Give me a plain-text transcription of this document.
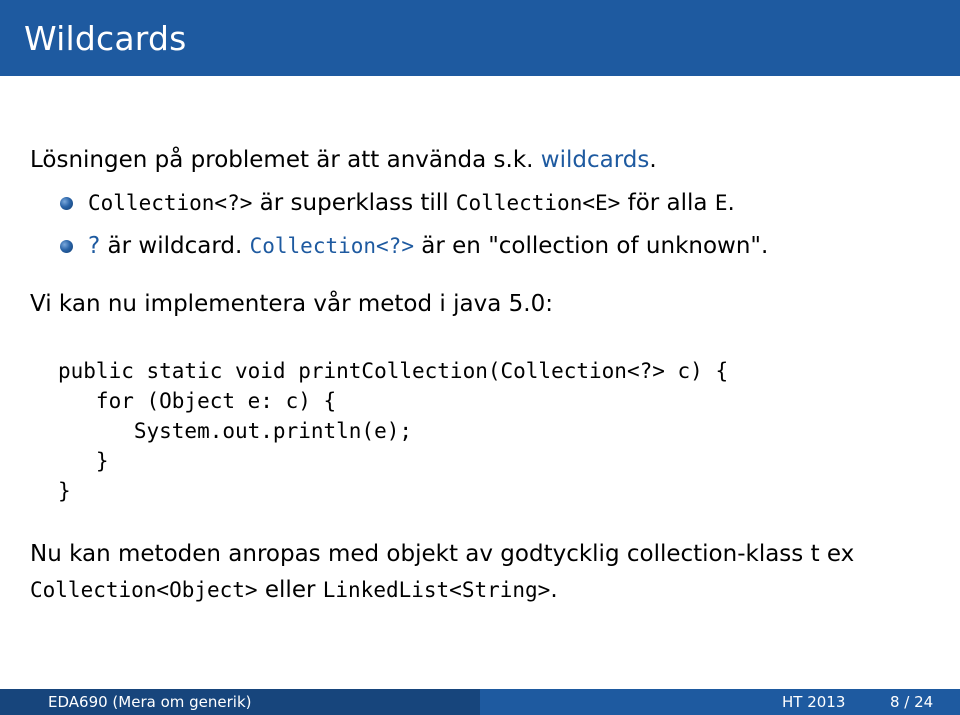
Wildcards
Lösningen på problemet är att använda s.k. wildcards.
Collection<?> är superklass till Collection<E> för alla E.
? är wildcard. Collection<?> är en "collection of unknown".
Vi kan nu implementera vår metod i java 5.0:
public static void printCollection(Collection<?> c) {
for (Object e: c) {
System.out.println(e);
}
}
Nu kan metoden anropas med objekt av godtycklig collection-klass t ex
Collection<Object> eller LinkedList<String>.
EDA690 (Mera om generik)	HT 2013	8 / 24
